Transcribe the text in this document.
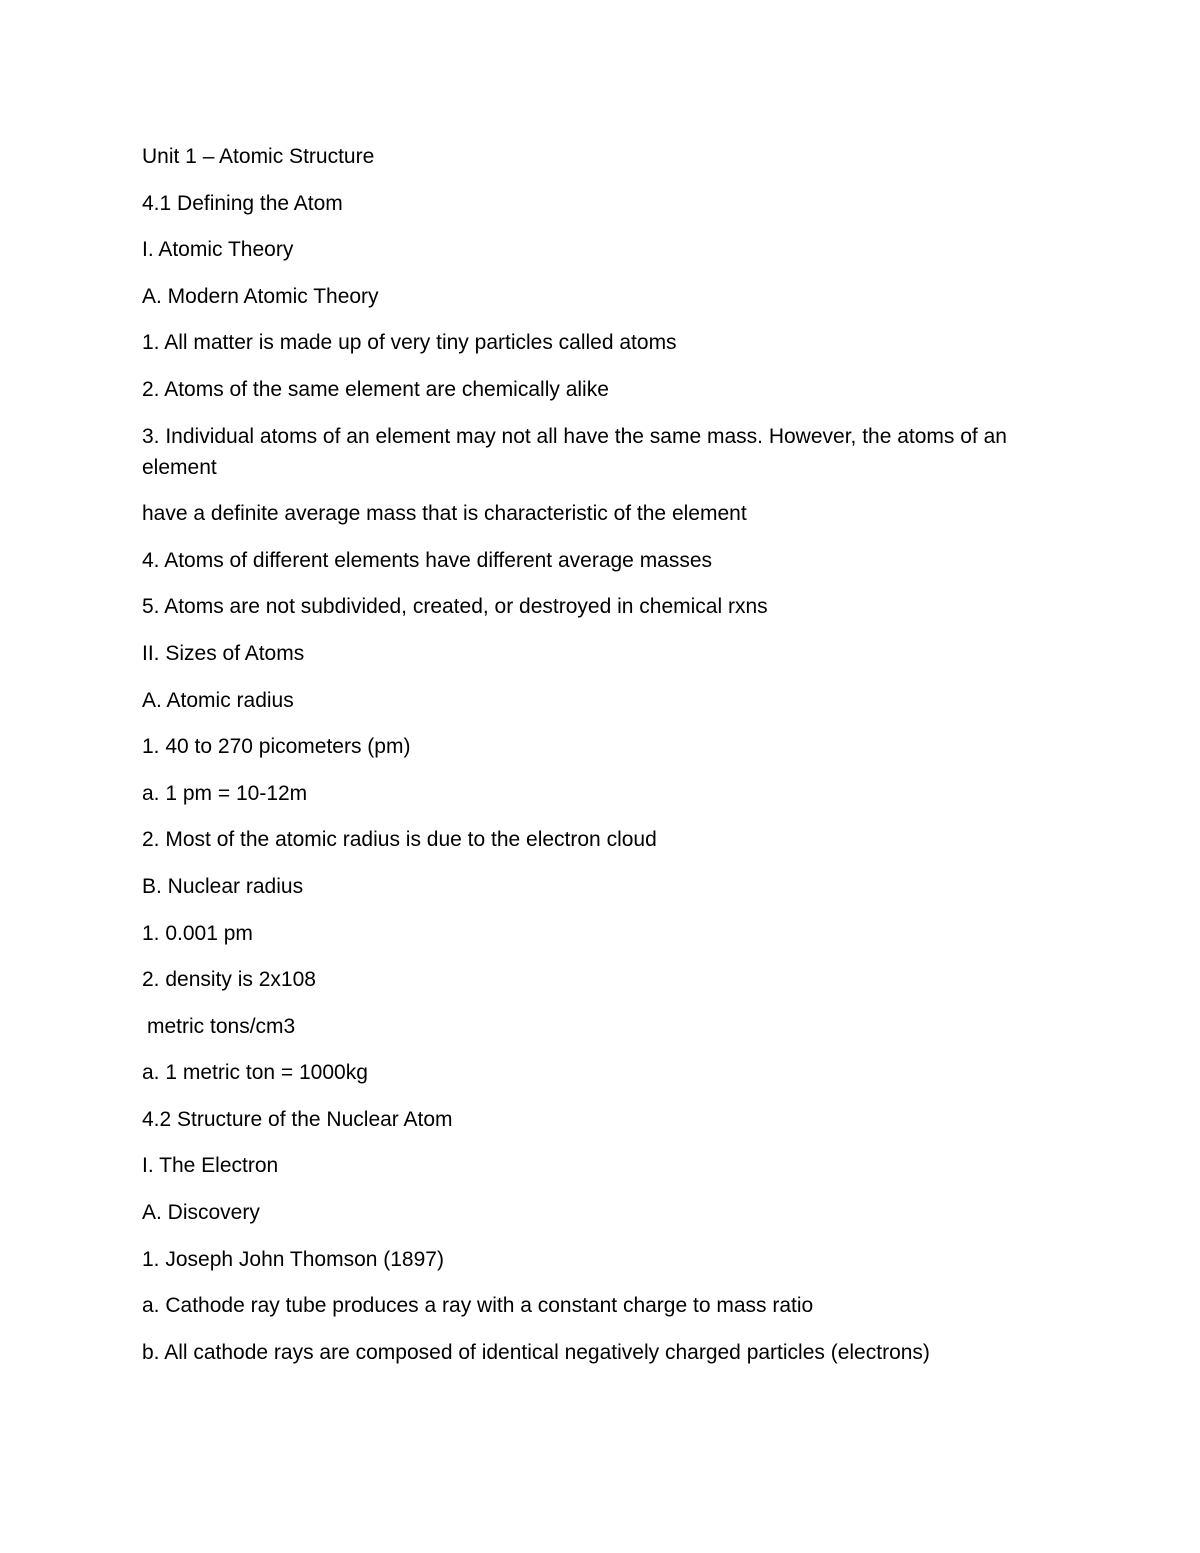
Unit 1 – Atomic Structure
4.1 Defining the Atom
I. Atomic Theory
A. Modern Atomic Theory
1. All matter is made up of very tiny particles called atoms
2. Atoms of the same element are chemically alike
3. Individual atoms of an element may not all have the same mass. However, the atoms of an element
have a definite average mass that is characteristic of the element
4. Atoms of different elements have different average masses
5. Atoms are not subdivided, created, or destroyed in chemical rxns
II. Sizes of Atoms
A. Atomic radius
1. 40 to 270 picometers (pm)
a. 1 pm = 10-12m
2. Most of the atomic radius is due to the electron cloud
B. Nuclear radius
1. 0.001 pm
2. density is 2x108
metric tons/cm3
a. 1 metric ton = 1000kg
4.2 Structure of the Nuclear Atom
I. The Electron
A. Discovery
1. Joseph John Thomson (1897)
a. Cathode ray tube produces a ray with a constant charge to mass ratio
b. All cathode rays are composed of identical negatively charged particles (electrons)
